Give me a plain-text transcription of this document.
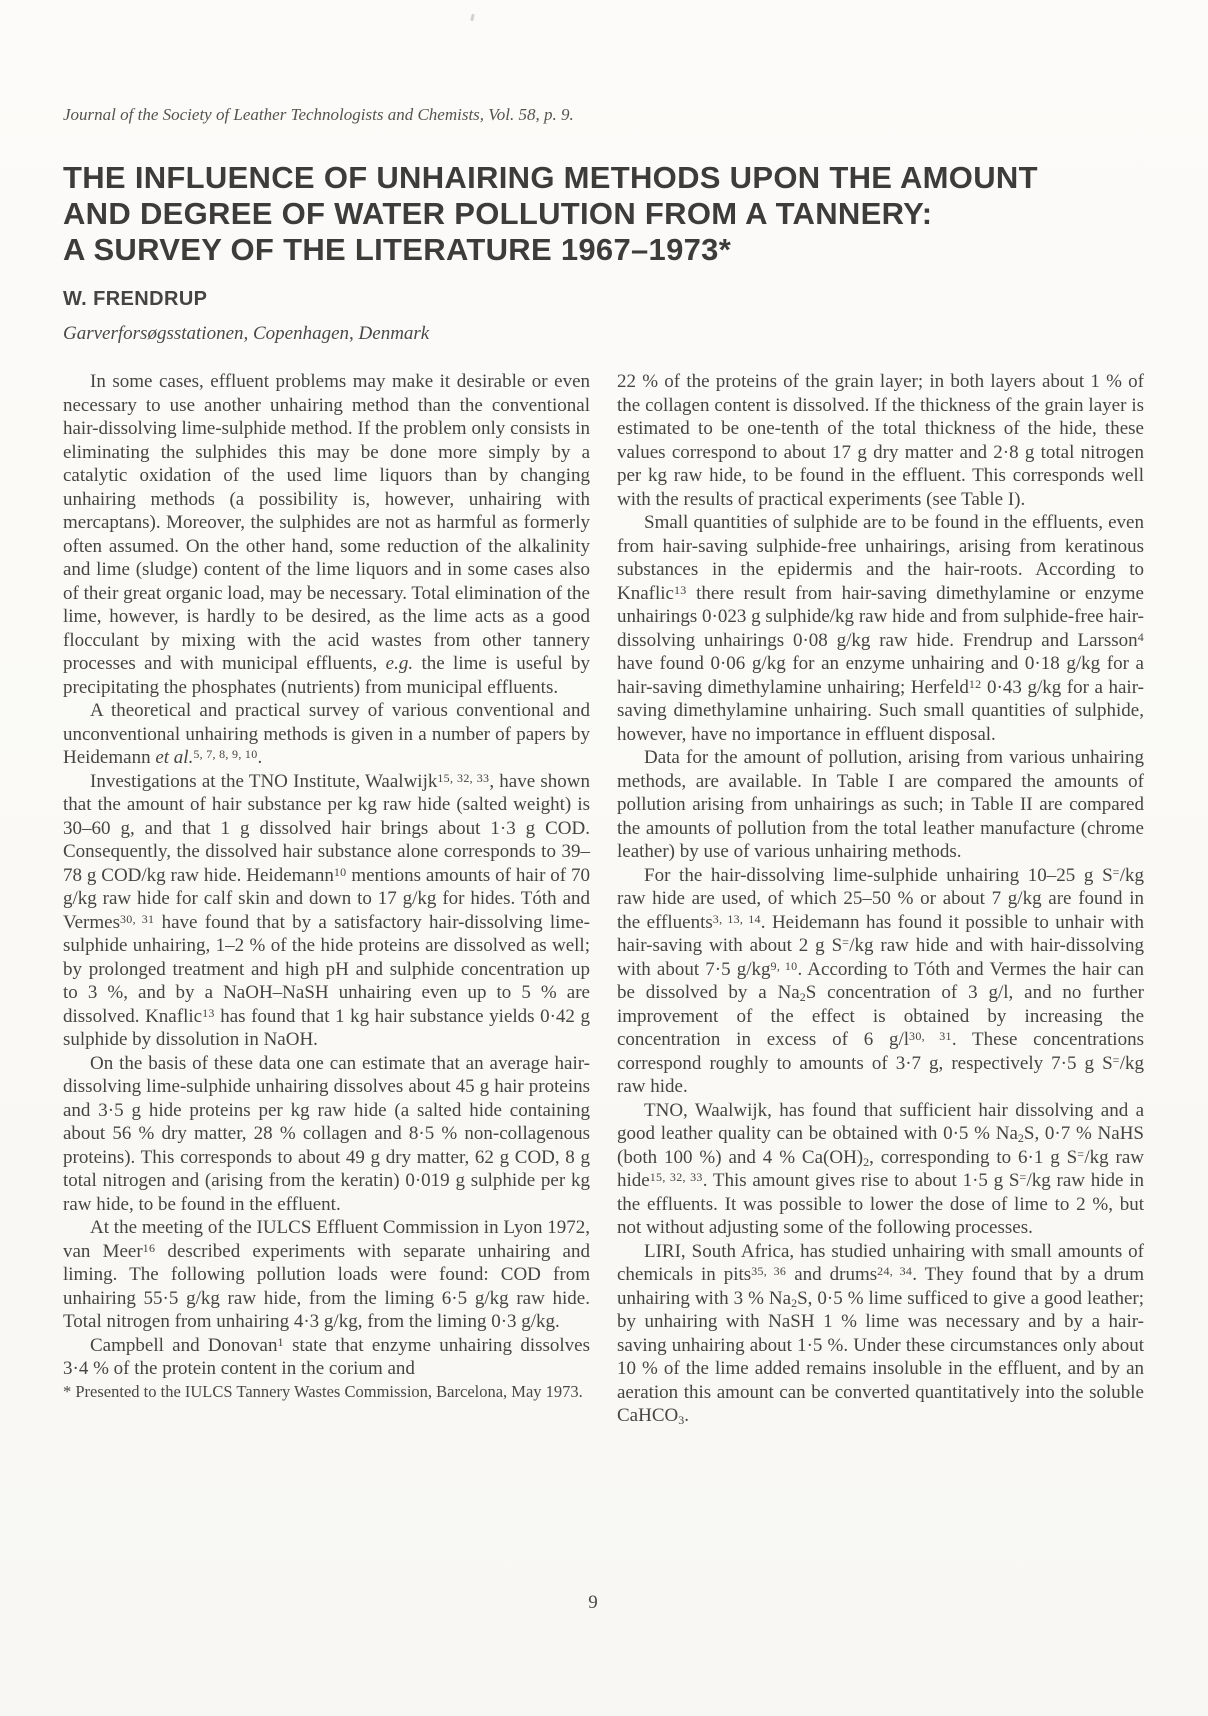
Journal of the Society of Leather Technologists and Chemists, Vol. 58, p. 9.
THE INFLUENCE OF UNHAIRING METHODS UPON THE AMOUNT
AND DEGREE OF WATER POLLUTION FROM A TANNERY:
A SURVEY OF THE LITERATURE 1967–1973*
W. FRENDRUP
Garverforsøgsstationen, Copenhagen, Denmark

In some cases, effluent problems may make it desirable or even necessary to use another unhairing method than the conventional hair-dissolving lime-sulphide method. If the problem only consists in eliminating the sulphides this may be done more simply by a catalytic oxidation of the used lime liquors than by changing unhairing methods (a possibility is, however, unhairing with mercaptans). Moreover, the sulphides are not as harmful as formerly often assumed. On the other hand, some reduction of the alkalinity and lime (sludge) content of the lime liquors and in some cases also of their great organic load, may be necessary. Total elimination of the lime, however, is hardly to be desired, as the lime acts as a good flocculant by mixing with the acid wastes from other tannery processes and with municipal effluents, e.g. the lime is useful by precipitating the phosphates (nutrients) from municipal effluents.

A theoretical and practical survey of various conventional and unconventional unhairing methods is given in a number of papers by Heidemann et al.$^{5, 7, 8, 9, 10}$.

Investigations at the TNO Institute, Waalwijk$^{15, 32, 33}$, have shown that the amount of hair substance per kg raw hide (salted weight) is 30–60 g, and that 1 g dissolved hair brings about 1·3 g COD. Consequently, the dissolved hair substance alone corresponds to 39–78 g COD/kg raw hide. Heidemann$^{10}$ mentions amounts of hair of 70 g/kg raw hide for calf skin and down to 17 g/kg for hides. Tóth and Vermes$^{30, 31}$ have found that by a satisfactory hair-dissolving lime-sulphide unhairing, 1–2 % of the hide proteins are dissolved as well; by prolonged treatment and high pH and sulphide concentration up to 3 %, and by a NaOH–NaSH unhairing even up to 5 % are dissolved. Knaflic$^{13}$ has found that 1 kg hair substance yields 0·42 g sulphide by dissolution in NaOH.

On the basis of these data one can estimate that an average hair-dissolving lime-sulphide unhairing dissolves about 45 g hair proteins and 3·5 g hide proteins per kg raw hide (a salted hide containing about 56 % dry matter, 28 % collagen and 8·5 % non-collagenous proteins). This corresponds to about 49 g dry matter, 62 g COD, 8 g total nitrogen and (arising from the keratin) 0·019 g sulphide per kg raw hide, to be found in the effluent.

At the meeting of the IULCS Effluent Commission in Lyon 1972, van Meer$^{16}$ described experiments with separate unhairing and liming. The following pollution loads were found: COD from unhairing 55·5 g/kg raw hide, from the liming 6·5 g/kg raw hide. Total nitrogen from unhairing 4·3 g/kg, from the liming 0·3 g/kg.

Campbell and Donovan$^1$ state that enzyme unhairing dissolves 3·4 % of the protein content in the corium and

* Presented to the IULCS Tannery Wastes Commission, Barcelona, May 1973.

22 % of the proteins of the grain layer; in both layers about 1 % of the collagen content is dissolved. If the thickness of the grain layer is estimated to be one-tenth of the total thickness of the hide, these values correspond to about 17 g dry matter and 2·8 g total nitrogen per kg raw hide, to be found in the effluent. This corresponds well with the results of practical experiments (see Table I).

Small quantities of sulphide are to be found in the effluents, even from hair-saving sulphide-free unhairings, arising from keratinous substances in the epidermis and the hair-roots. According to Knaflic$^{13}$ there result from hair-saving dimethylamine or enzyme unhairings 0·023 g sulphide/kg raw hide and from sulphide-free hair-dissolving unhairings 0·08 g/kg raw hide. Frendrup and Larsson$^4$ have found 0·06 g/kg for an enzyme unhairing and 0·18 g/kg for a hair-saving dimethylamine unhairing; Herfeld$^{12}$ 0·43 g/kg for a hair-saving dimethylamine unhairing. Such small quantities of sulphide, however, have no importance in effluent disposal.

Data for the amount of pollution, arising from various unhairing methods, are available. In Table I are compared the amounts of pollution arising from unhairings as such; in Table II are compared the amounts of pollution from the total leather manufacture (chrome leather) by use of various unhairing methods.

For the hair-dissolving lime-sulphide unhairing 10–25 g S=/kg raw hide are used, of which 25–50 % or about 7 g/kg are found in the effluents$^{3, 13, 14}$. Heidemann has found it possible to unhair with hair-saving with about 2 g S=/kg raw hide and with hair-dissolving with about 7·5 g/kg$^{9, 10}$. According to Tóth and Vermes the hair can be dissolved by a $Na_2S$ concentration of 3 g/l, and no further improvement of the effect is obtained by increasing the concentration in excess of 6 $g/l^{30, 31}$. These concentrations correspond roughly to amounts of 3·7 g, respectively 7·5 g S=/kg raw hide.

TNO, Waalwijk, has found that sufficient hair dissolving and a good leather quality can be obtained with 0·5 % $Na_2S$, 0·7 % NaHS (both 100 %) and 4 % $Ca(OH)_2$, corresponding to 6·1 g S=/kg raw hide$^{15, 32, 33}$. This amount gives rise to about 1·5 g S=/kg raw hide in the effluents. It was possible to lower the dose of lime to 2 %, but not without adjusting some of the following processes.

LIRI, South Africa, has studied unhairing with small amounts of chemicals in pits$^{35, 36}$ and drums$^{24, 34}$. They found that by a drum unhairing with 3 % $Na_2S$, 0·5 % lime sufficed to give a good leather; by unhairing with NaSH 1 % lime was necessary and by a hair-saving unhairing about 1·5 %. Under these circumstances only about 10 % of the lime added remains insoluble in the effluent, and by an aeration this amount can be converted quantitatively into the soluble CaHCO$_3$.

9
